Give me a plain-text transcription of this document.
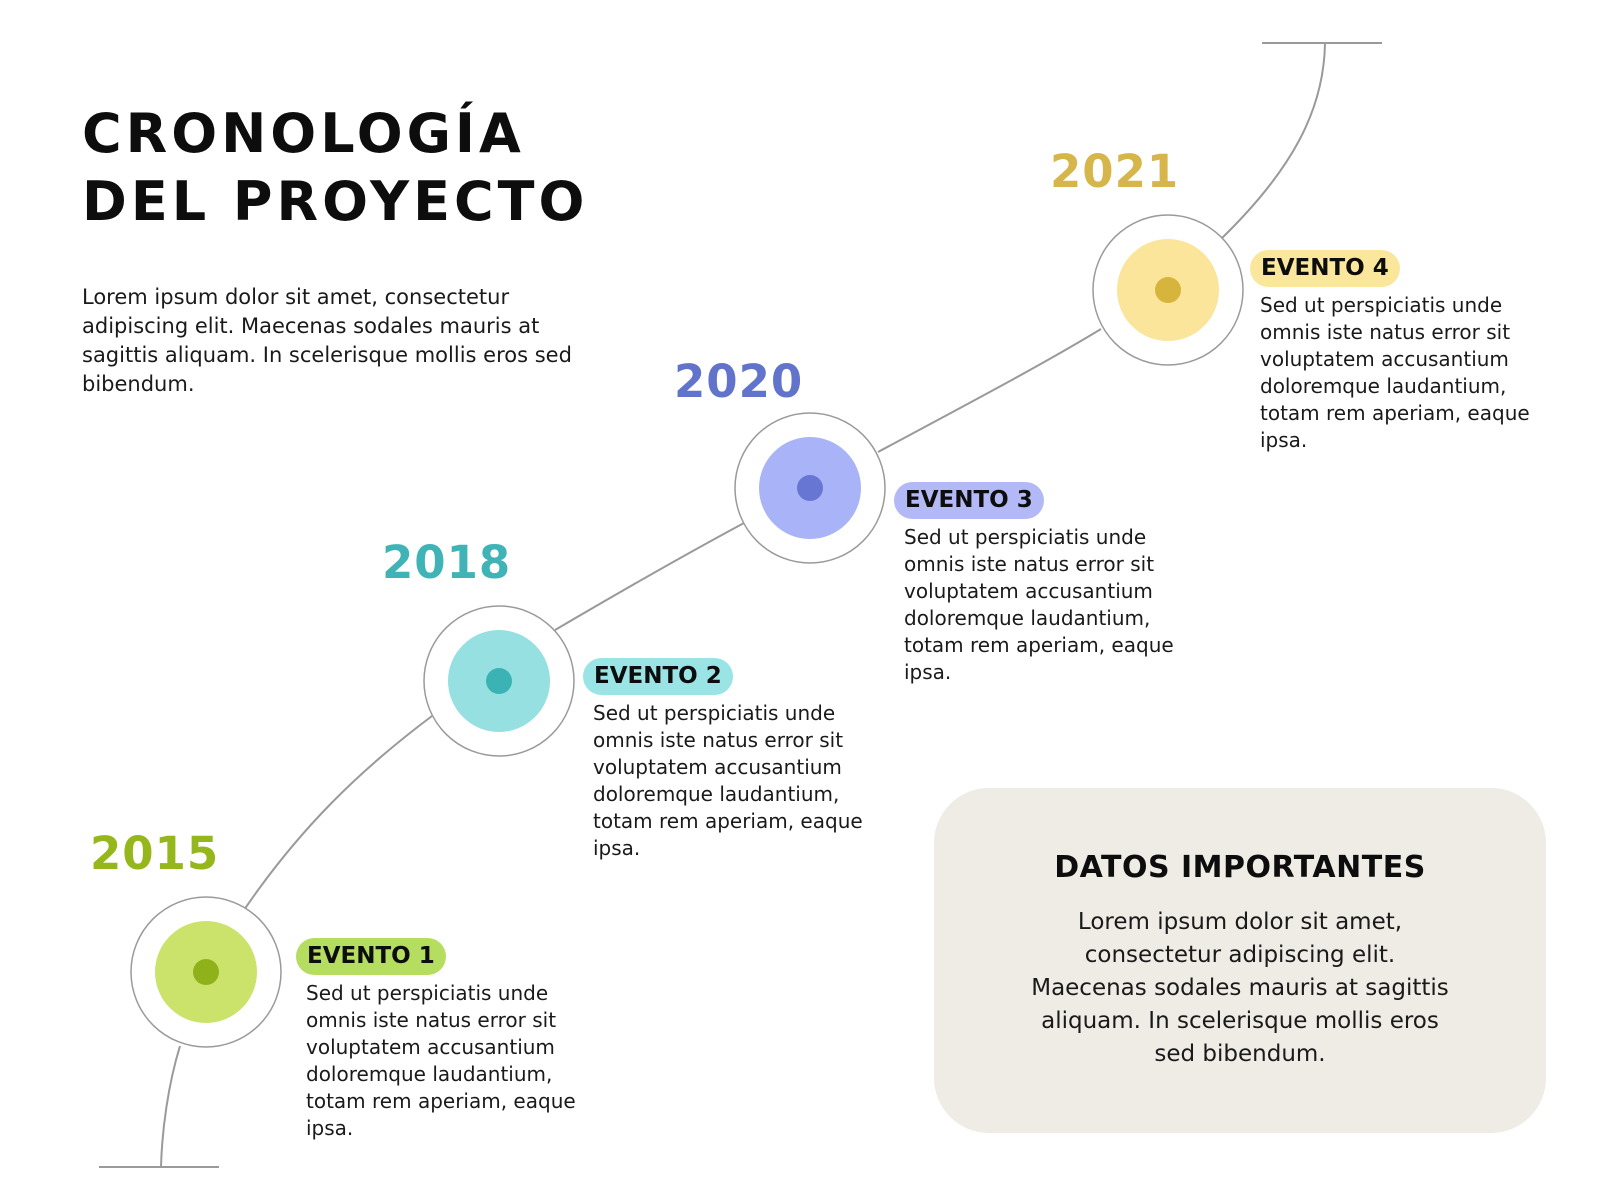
CRONOLOGÍA
DEL PROYECTO

Lorem ipsum dolor sit amet, consectetur adipiscing elit. Maecenas sodales mauris at sagittis aliquam. In scelerisque mollis eros sed bibendum.

2015
2018
2020
2021
EVENTO 1
Sed ut perspiciatis unde omnis iste natus error sit voluptatem accusantium doloremque laudantium, totam rem aperiam, eaque ipsa.
EVENTO 2
Sed ut perspiciatis unde omnis iste natus error sit voluptatem accusantium doloremque laudantium, totam rem aperiam, eaque ipsa.
EVENTO 3
Sed ut perspiciatis unde omnis iste natus error sit voluptatem accusantium doloremque laudantium, totam rem aperiam, eaque ipsa.
EVENTO 4
Sed ut perspiciatis unde omnis iste natus error sit voluptatem accusantium doloremque laudantium, totam rem aperiam, eaque ipsa.
DATOS IMPORTANTES
Lorem ipsum dolor sit amet, consectetur adipiscing elit. Maecenas sodales mauris at sagittis aliquam. In scelerisque mollis eros sed bibendum.
